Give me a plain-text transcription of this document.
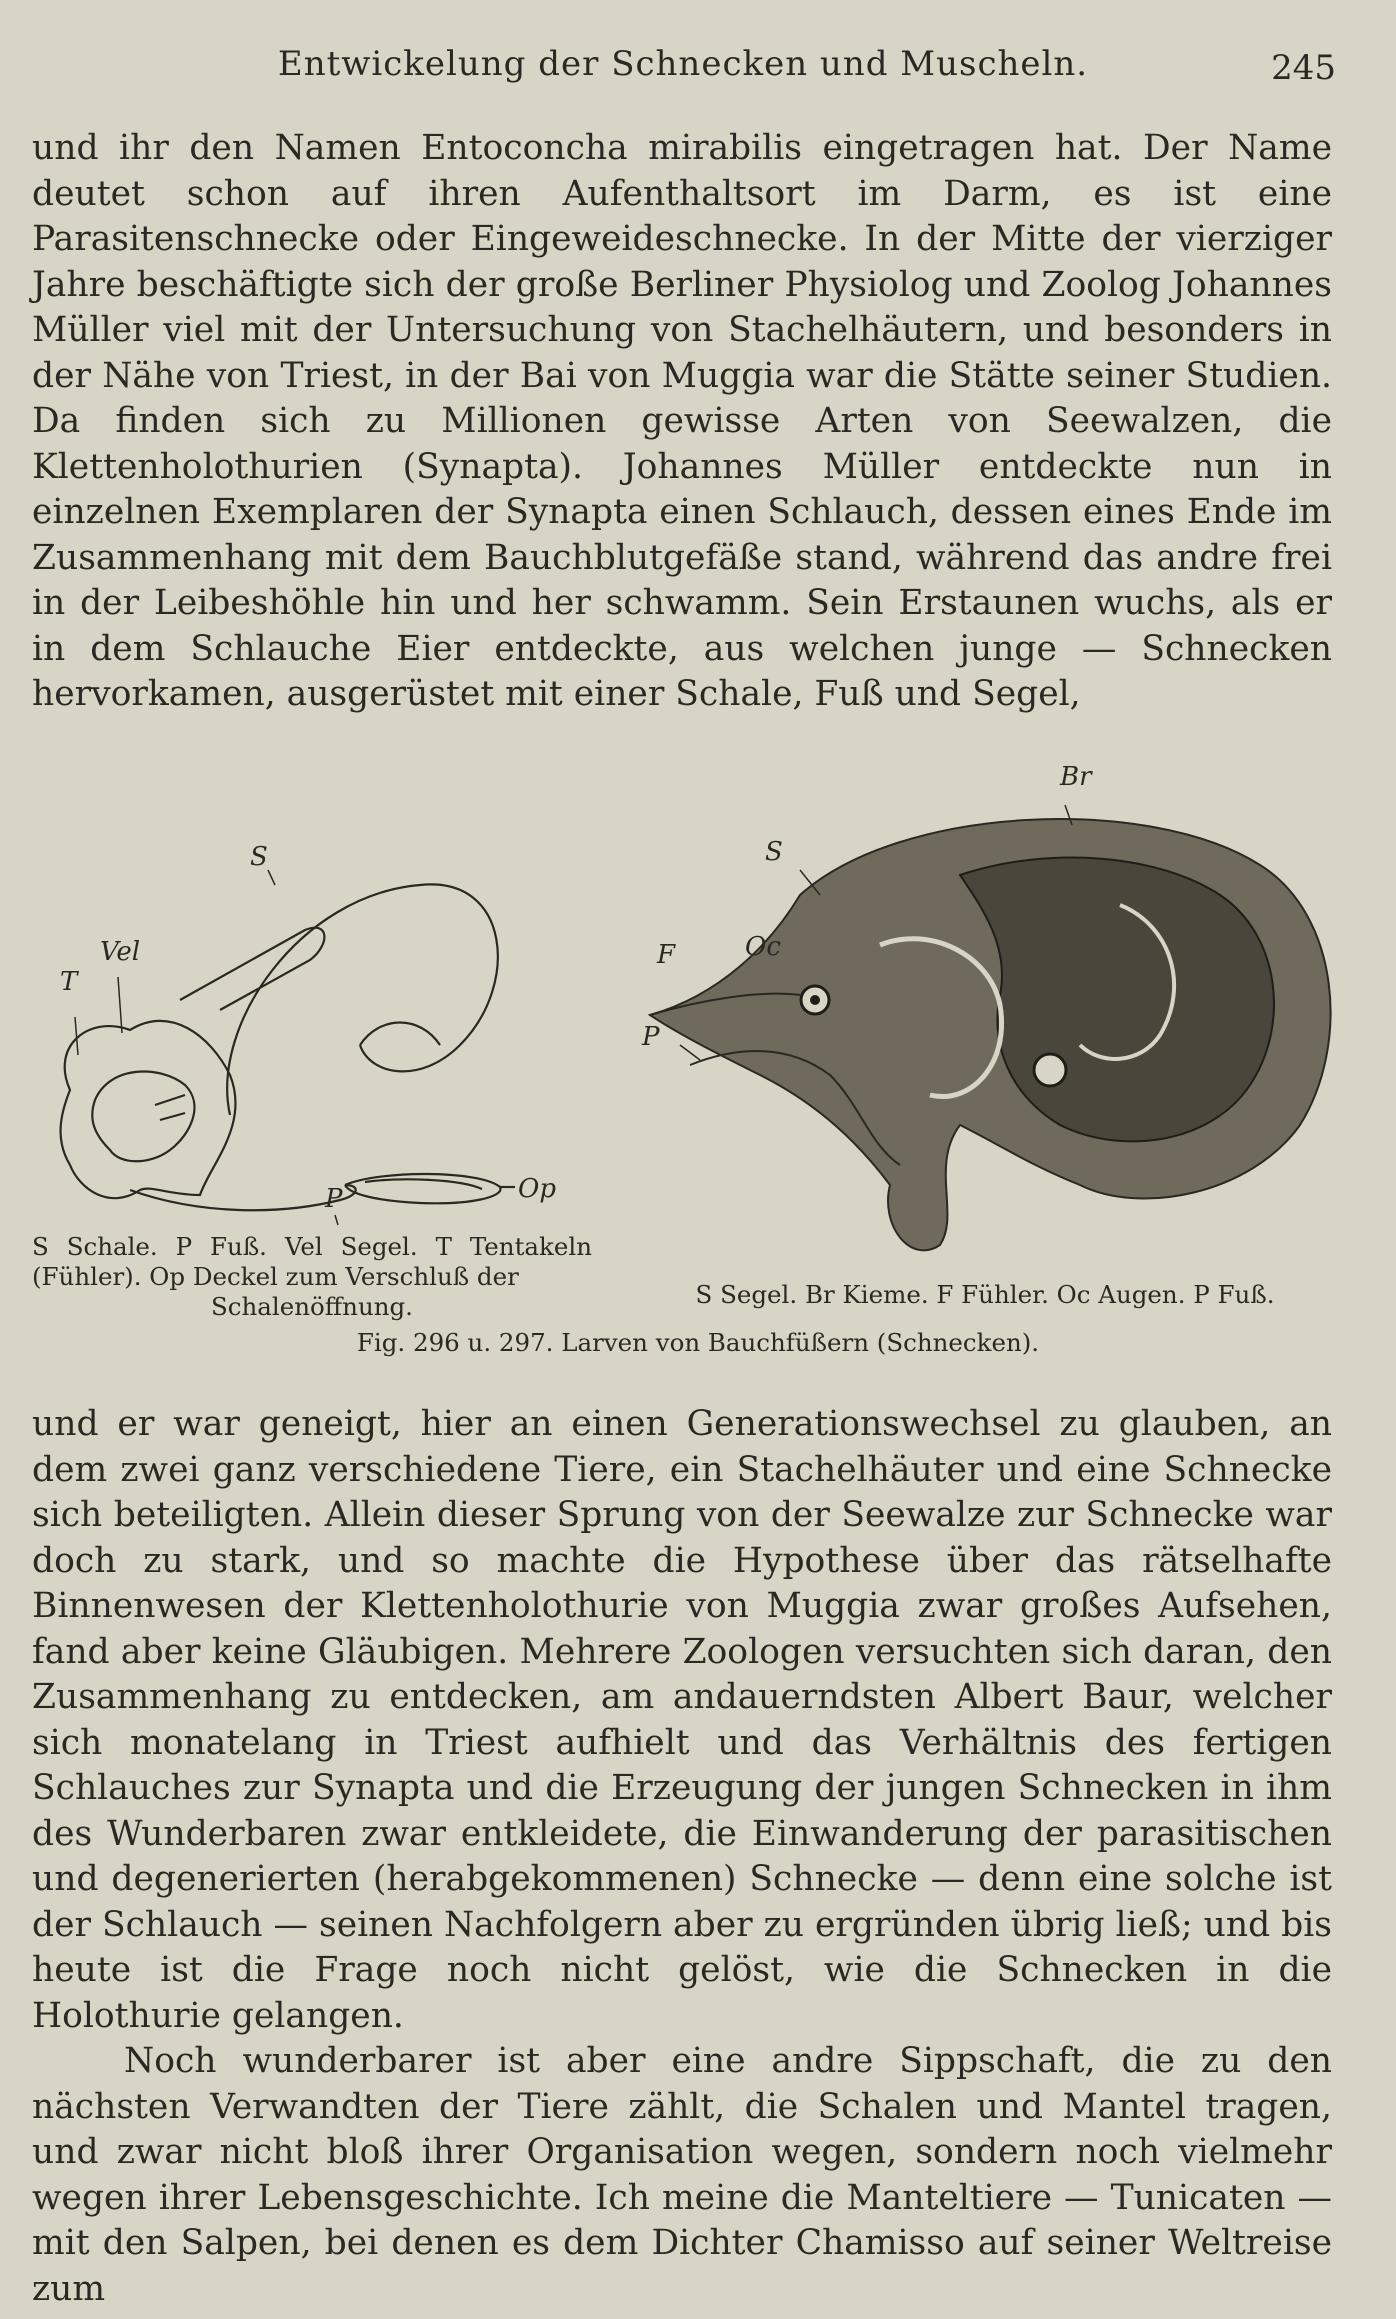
Entwickelung der Schnecken und Muscheln.	245

und ihr den Namen Entoconcha mirabilis eingetragen hat. Der Name deutet schon auf ihren Aufenthaltsort im Darm, es ist eine Parasitenschnecke oder Eingeweideschnecke. In der Mitte der vierziger Jahre beschäftigte sich der große Berliner Physiolog und Zoolog Johannes Müller viel mit der Untersuchung von Stachelhäutern, und besonders in der Nähe von Triest, in der Bai von Muggia war die Stätte seiner Studien. Da finden sich zu Millionen gewisse Arten von Seewalzen, die Klettenholothurien (Synapta). Johannes Müller entdeckte nun in einzelnen Exemplaren der Synapta einen Schlauch, dessen eines Ende im Zusammenhang mit dem Bauchblutgefäße stand, während das andre frei in der Leibeshöhle hin und her schwamm. Sein Erstaunen wuchs, als er in dem Schlauche Eier entdeckte, aus welchen junge — Schnecken hervorkamen, ausgerüstet mit einer Schale, Fuß und Segel,

S
Vel
T
Op
P
Br
S
F	Oc
P
S Schale. P Fuß. Vel Segel. T Tentakeln (Fühler). Op Deckel zum Verschluß der
Schalenöffnung.	S Segel. Br Kieme. F Fühler. Oc Augen. P Fuß.
Fig. 296 u. 297. Larven von Bauchfüßern (Schnecken).

und er war geneigt, hier an einen Generationswechsel zu glauben, an dem zwei ganz verschiedene Tiere, ein Stachelhäuter und eine Schnecke sich beteiligten. Allein dieser Sprung von der Seewalze zur Schnecke war doch zu stark, und so machte die Hypothese über das rätselhafte Binnenwesen der Klettenholothurie von Muggia zwar großes Aufsehen, fand aber keine Gläubigen. Mehrere Zoologen versuchten sich daran, den Zusammenhang zu entdecken, am andauerndsten Albert Baur, welcher sich monatelang in Triest aufhielt und das Verhältnis des fertigen Schlauches zur Synapta und die Erzeugung der jungen Schnecken in ihm des Wunderbaren zwar entkleidete, die Einwanderung der parasitischen und degenerierten (herabgekommenen) Schnecke — denn eine solche ist der Schlauch — seinen Nachfolgern aber zu ergründen übrig ließ; und bis heute ist die Frage noch nicht gelöst, wie die Schnecken in die Holothurie gelangen.

Noch wunderbarer ist aber eine andre Sippschaft, die zu den nächsten Verwandten der Tiere zählt, die Schalen und Mantel tragen, und zwar nicht bloß ihrer Organisation wegen, sondern noch vielmehr wegen ihrer Lebensgeschichte. Ich meine die Manteltiere — Tunicaten — mit den Salpen, bei denen es dem Dichter Chamisso auf seiner Weltreise zum
